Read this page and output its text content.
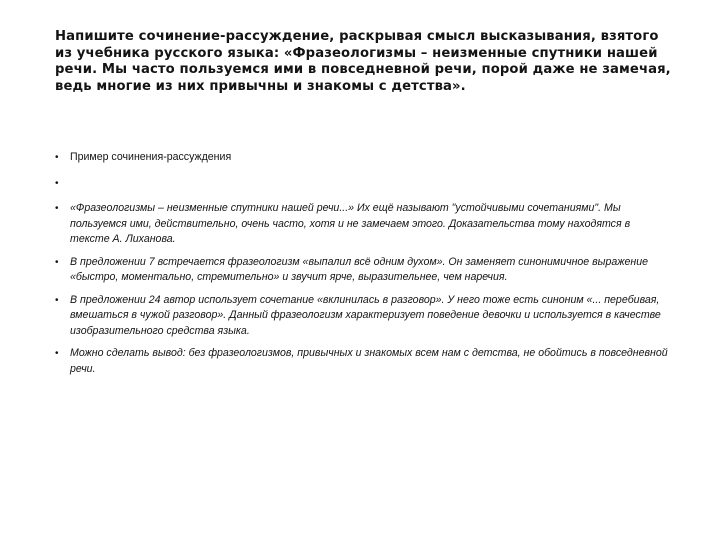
Напишите сочинение-рассуждение, раскрывая смысл высказывания, взятого из учебника русского языка: «Фразеологизмы – неизменные спутники нашей речи. Мы часто пользуемся ими в повседневной речи, порой даже не замечая, ведь многие из них привычны и знакомы с детства».

• Пример сочинения-рассуждения
•
• «Фразеологизмы – неизменные спутники нашей речи...» Их ещё называют "устойчивыми сочетаниями". Мы пользуемся ими, действительно, очень часто, хотя и не замечаем этого. Доказательства тому находятся в тексте А. Лиханова.
• В предложении 7 встречается фразеологизм «выпалил всё одним духом». Он заменяет синонимичное выражение «быстро, моментально, стремительно» и звучит ярче, выразительнее, чем наречия.
• В предложении 24 автор использует сочетание «вклинилась в разговор». У него тоже есть синоним «... перебивая, вмешаться в чужой разговор». Данный фразеологизм характеризует поведение девочки и используется в качестве изобразительного средства языка.
• Можно сделать вывод: без фразеологизмов, привычных и знакомых всем нам с детства, не обойтись в повседневной речи.
